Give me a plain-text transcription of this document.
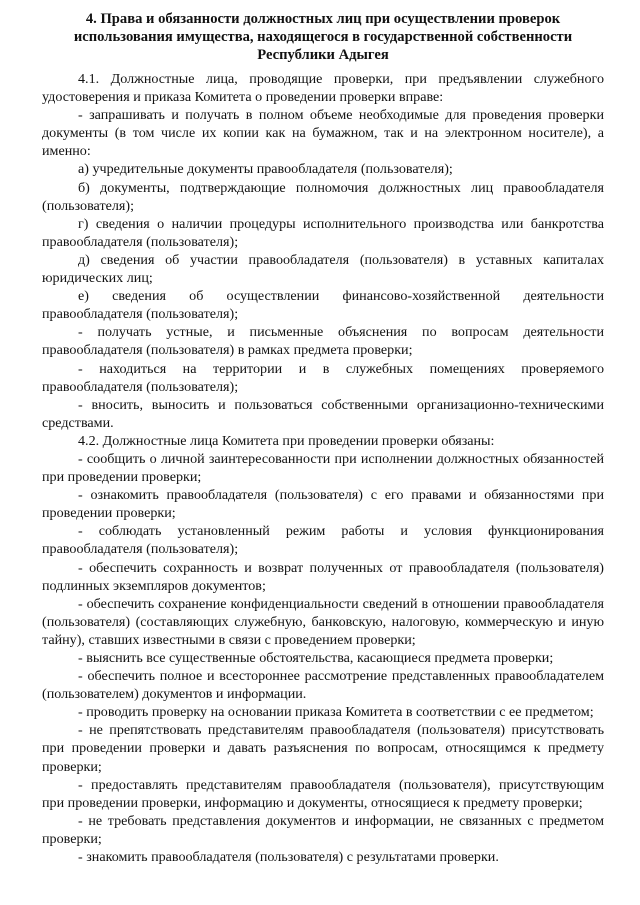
4. Права и обязанности должностных лиц при осуществлении проверок
использования имущества, находящегося в государственной собственности
Республики Адыгея

4.1. Должностные лица, проводящие проверки, при предъявлении служебного удостоверения и приказа Комитета о проведении проверки вправе:

- запрашивать и получать в полном объеме необходимые для проведения проверки документы (в том числе их копии как на бумажном, так и на электронном носителе), а именно:

а) учредительные документы правообладателя (пользователя);

б) документы, подтверждающие полномочия должностных лиц правообладателя (пользователя);

г) сведения о наличии процедуры исполнительного производства или банкротства правообладателя (пользователя);

д) сведения об участии правообладателя (пользователя) в уставных капиталах юридических лиц;

е) сведения об осуществлении финансово-хозяйственной деятельности правообладателя (пользователя);

- получать устные, и письменные объяснения по вопросам деятельности правообладателя (пользователя) в рамках предмета проверки;

- находиться на территории и в служебных помещениях проверяемого правообладателя (пользователя);

- вносить, выносить и пользоваться собственными организационно-техническими средствами.

4.2. Должностные лица Комитета при проведении проверки обязаны:

- сообщить о личной заинтересованности при исполнении должностных обязанностей при проведении проверки;

- ознакомить правообладателя (пользователя) с его правами и обязанностями при проведении проверки;

- соблюдать установленный режим работы и условия функционирования правообладателя (пользователя);

- обеспечить сохранность и возврат полученных от правообладателя (пользователя) подлинных экземпляров документов;

- обеспечить сохранение конфиденциальности сведений в отношении правообладателя (пользователя) (составляющих служебную, банковскую, налоговую, коммерческую и иную тайну), ставших известными в связи с проведением проверки;

- выяснить все существенные обстоятельства, касающиеся предмета проверки;

- обеспечить полное и всестороннее рассмотрение представленных правообладателем (пользователем) документов и информации.

- проводить проверку на основании приказа Комитета в соответствии с ее предметом;

- не препятствовать представителям правообладателя (пользователя) присутствовать при проведении проверки и давать разъяснения по вопросам, относящимся к предмету проверки;

- предоставлять представителям правообладателя (пользователя), присутствующим при проведении проверки, информацию и документы, относящиеся к предмету проверки;

- не требовать представления документов и информации, не связанных с предметом проверки;

- знакомить правообладателя (пользователя) с результатами проверки.
